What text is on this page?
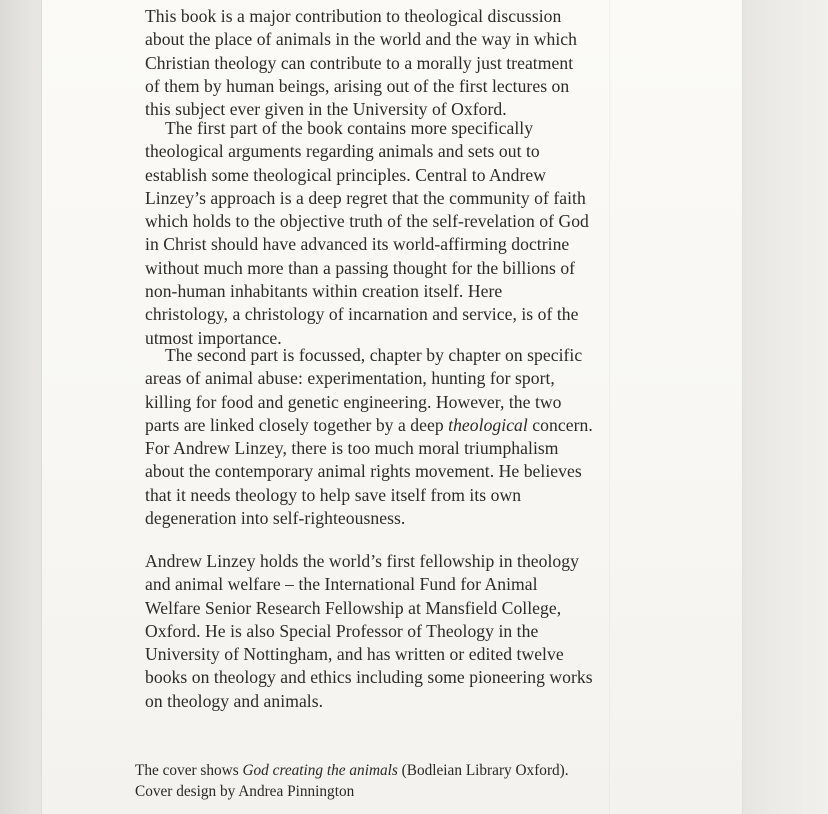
This book is a major contribution to theological discussion
about the place of animals in the world and the way in which
Christian theology can contribute to a morally just treatment
of them by human beings, arising out of the first lectures on
this subject ever given in the University of Oxford.
The first part of the book contains more specifically
theological arguments regarding animals and sets out to
establish some theological principles. Central to Andrew
Linzey’s approach is a deep regret that the community of faith
which holds to the objective truth of the self-revelation of God
in Christ should have advanced its world-affirming doctrine
without much more than a passing thought for the billions of
non-human inhabitants within creation itself. Here
christology, a christology of incarnation and service, is of the
utmost importance.
The second part is focussed, chapter by chapter on specific
areas of animal abuse: experimentation, hunting for sport,
killing for food and genetic engineering. However, the two
parts are linked closely together by a deep theological concern.
For Andrew Linzey, there is too much moral triumphalism
about the contemporary animal rights movement. He believes
that it needs theology to help save itself from its own
degeneration into self-righteousness.
Andrew Linzey holds the world’s first fellowship in theology
and animal welfare – the International Fund for Animal
Welfare Senior Research Fellowship at Mansfield College,
Oxford. He is also Special Professor of Theology in the
University of Nottingham, and has written or edited twelve
books on theology and ethics including some pioneering works
on theology and animals.
The cover shows God creating the animals (Bodleian Library Oxford).
Cover design by Andrea Pinnington
